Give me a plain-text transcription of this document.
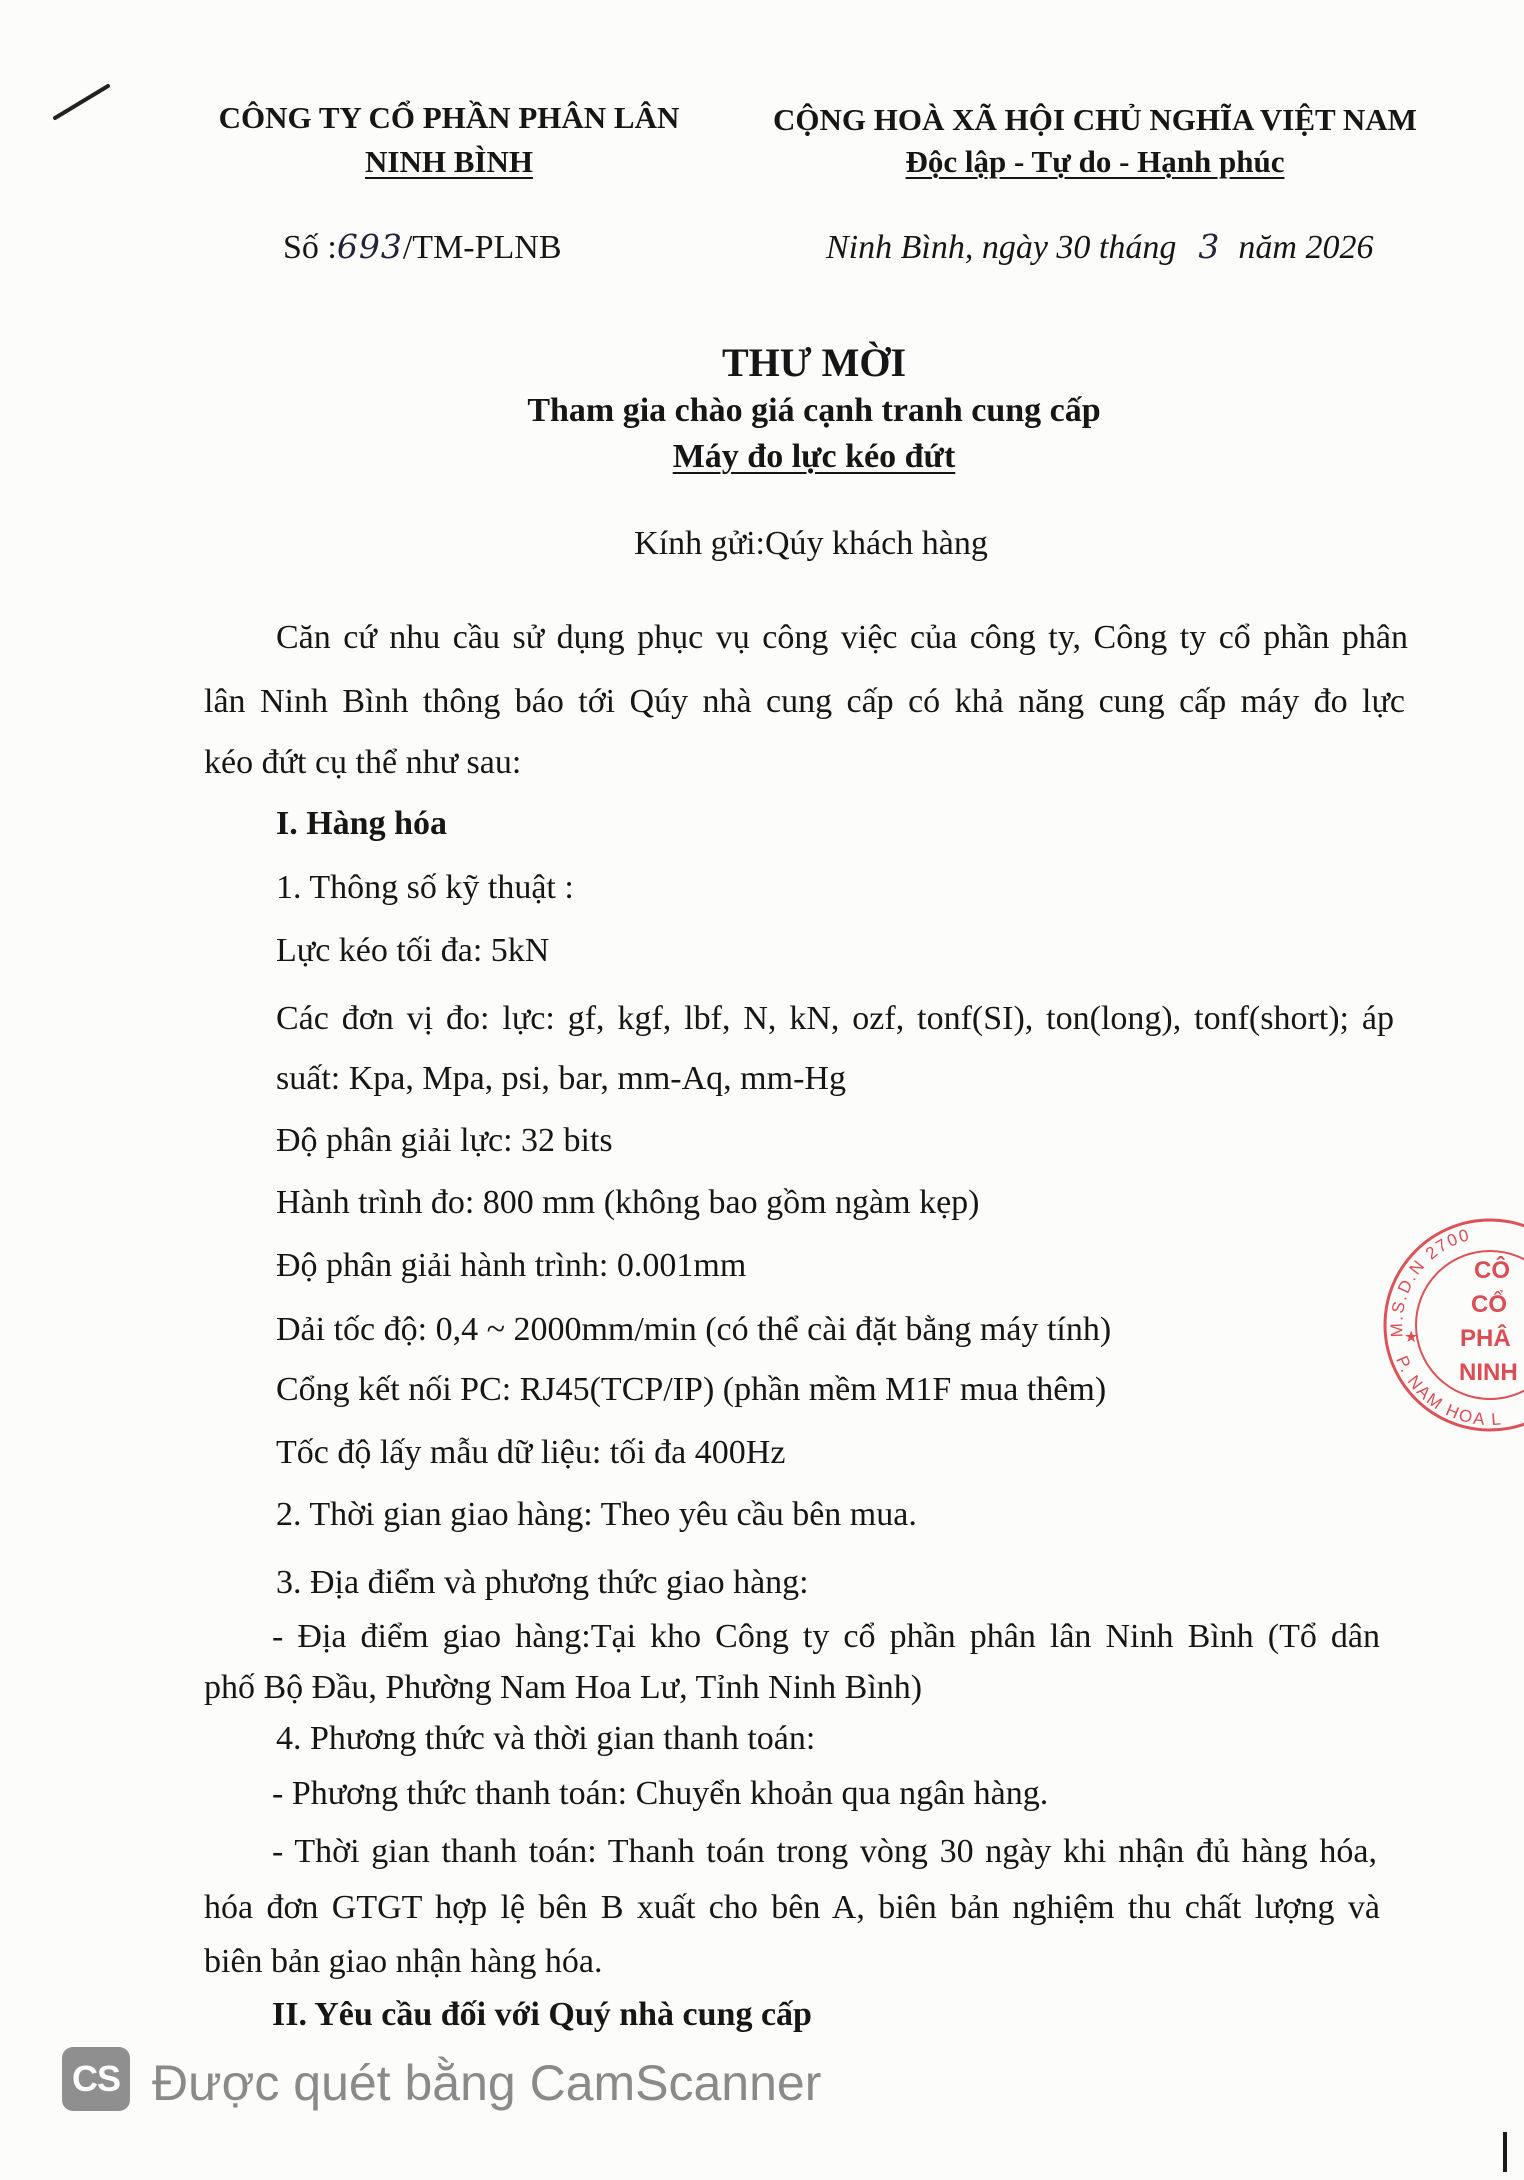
CÔNG TY CỔ PHẦN PHÂN LÂN
NINH BÌNH
CỘNG HOÀ XÃ HỘI CHỦ NGHĨA VIỆT NAM
Độc lập - Tự do - Hạnh phúc
Số :693/TM-PLNB	Ninh Bình, ngày 30 tháng 3 năm 2026
THƯ MỜI
Tham gia chào giá cạnh tranh cung cấp
Máy đo lực kéo đứt
Kính gửi:Qúy khách hàng
Căn cứ nhu cầu sử dụng phục vụ công việc của công ty, Công ty cổ phần phân
lân Ninh Bình thông báo tới Qúy nhà cung cấp có khả năng cung cấp máy đo lực
kéo đứt cụ thể như sau:
I. Hàng hóa
1. Thông số kỹ thuật :
Lực kéo tối đa: 5kN
Các đơn vị đo: lực: gf, kgf, lbf, N, kN, ozf, tonf(SI), ton(long), tonf(short); áp
suất: Kpa, Mpa, psi, bar, mm-Aq, mm-Hg
Độ phân giải lực: 32 bits
Hành trình đo: 800 mm (không bao gồm ngàm kẹp)
Độ phân giải hành trình: 0.001mm
Dải tốc độ: 0,4 ~ 2000mm/min (có thể cài đặt bằng máy tính)
Cổng kết nối PC: RJ45(TCP/IP) (phần mềm M1F mua thêm)
Tốc độ lấy mẫu dữ liệu: tối đa 400Hz
2. Thời gian giao hàng: Theo yêu cầu bên mua.
3. Địa điểm và phương thức giao hàng:
- Địa điểm giao hàng:Tại kho Công ty cổ phần phân lân Ninh Bình (Tổ dân
phố Bộ Đầu, Phường Nam Hoa Lư, Tỉnh Ninh Bình)
4. Phương thức và thời gian thanh toán:
- Phương thức thanh toán: Chuyển khoản qua ngân hàng.
- Thời gian thanh toán: Thanh toán trong vòng 30 ngày khi nhận đủ hàng hóa,
hóa đơn GTGT hợp lệ bên B xuất cho bên A, biên bản nghiệm thu chất lượng và
biên bản giao nhận hàng hóa.
II. Yêu cầu đối với Quý nhà cung cấp
M.S.D.N 2700
P. NAM HOA L
★
CÔ
CỔ
PHÂ
NINH
CS Được quét bằng CamScanner
